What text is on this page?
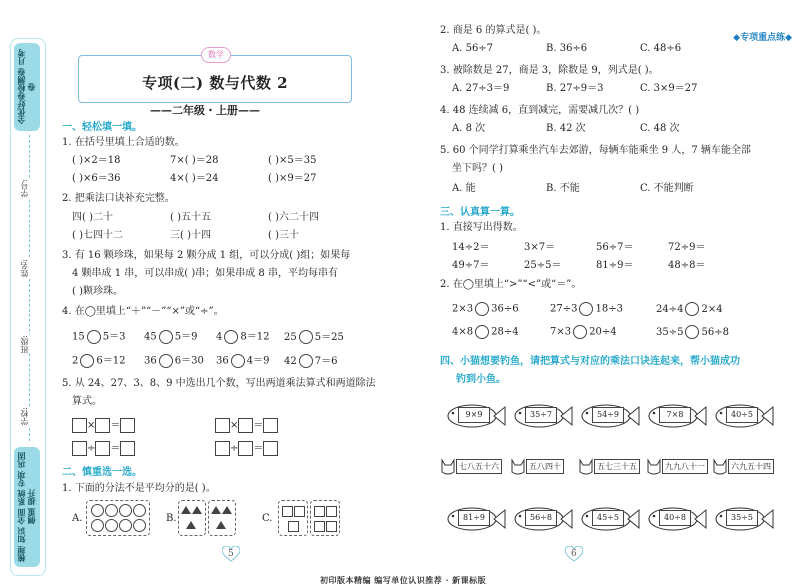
全优好卷检测卷 月考卷
学号:
姓名:
班级:
学校:
梳理 知识 全面 系统 专项 巩固 侧重 提升
◆专项重点练◆
数学
专项(二) 数与代数 2
——二年级・上册——
一、轻松填一填。
1. 在括号里填上合适的数。
( )×2＝18	7×( )＝28	( )×5＝35
( )×6＝36	4×( )＝24	( )×9＝27
2. 把乘法口诀补充完整。
四( )二十	( )五十五	( )六二十四
( )七四十二	三( )十四	( )三十
3. 有 16 颗珍珠，如果每 2 颗分成 1 组，可以分成( )组；如果每
4 颗串成 1 串，可以串成( )串；如果串成 8 串，平均每串有
( )颗珍珠。
4. 在◯里填上“＋”“－”“×”或“÷”。
15 5＝3 45 5＝9 4 8＝12 25 5＝25
2 6＝12 36 6＝30 36 4＝9 42 7＝6
5. 从 24、27、3、8、9 中选出几个数，写出两道乘法算式和两道除法
算式。
× ＝	× ＝
÷ ＝	÷ ＝
二、慎重选一选。
1. 下面的分法不是平均分的是( )。
A.	B.	C.
5	6
初印版本精编 编写单位认识推荐 · 新课标版
2. 商是 6 的算式是( )。
A. 56÷7	B. 36÷6	C. 48÷6
3. 被除数是 27，商是 3，除数是 9，列式是( )。
A. 27÷3＝9	B. 27÷9＝3	C. 3×9＝27
4. 48 连续减 6，直到减完，需要减几次？( )
A. 8 次	B. 42 次	C. 48 次
5. 60 个同学打算乘坐汽车去郊游，每辆车能乘坐 9 人，7 辆车能全部
坐下吗？( )
A. 能	B. 不能	C. 不能判断
三、认真算一算。
1. 直接写出得数。
14÷2＝	3×7＝	56÷7＝	72÷9＝
49÷7＝	25÷5＝	81÷9＝	48÷8＝
2. 在◯里填上“>”“<”或“＝”。
2×3 36÷6	27÷3 18÷3	24÷4 2×4
4×8 28÷4	7×3 20÷4	35÷5 56÷8
四、小猫想要钓鱼，请把算式与对应的乘法口诀连起来，帮小猫成功
钓到小鱼。
9×9	35÷7	54÷9	7×8	40÷5
七八五十六	五八四十	五七三十五	九九八十一	六九五十四
81÷9	56÷8	45÷5	40÷8	35÷5
